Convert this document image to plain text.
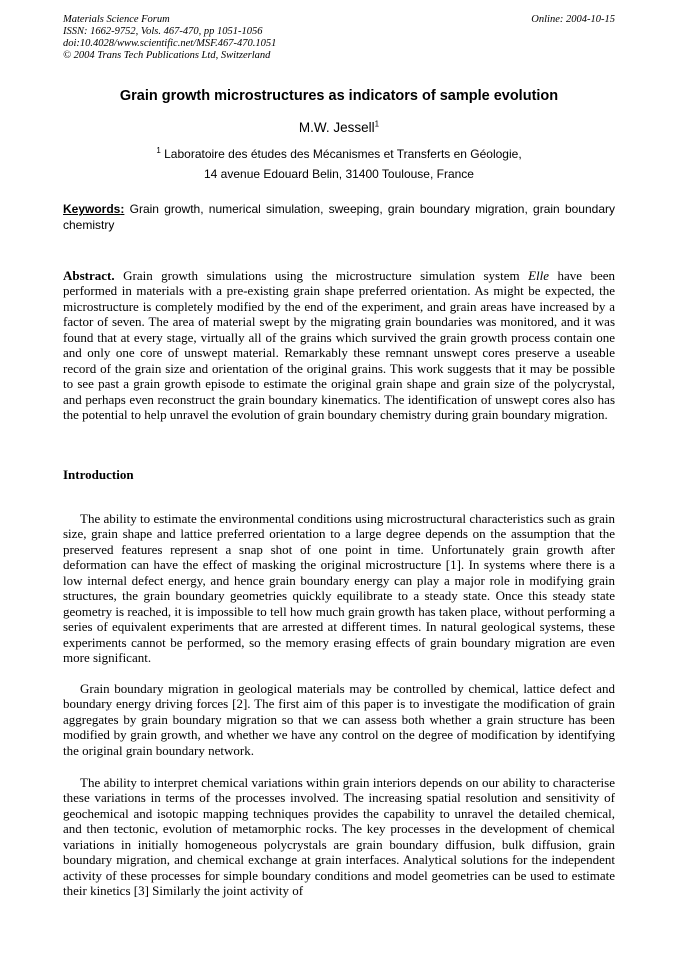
Materials Science Forum
ISSN: 1662-9752, Vols. 467-470, pp 1051-1056
doi:10.4028/www.scientific.net/MSF.467-470.1051
© 2004 Trans Tech Publications Ltd, Switzerland
Online: 2004-10-15
Grain growth microstructures as indicators of sample evolution
M.W. Jessell$^1$
$^1$ Laboratoire des études des Mécanismes et Transferts en Géologie,
14 avenue Edouard Belin, 31400 Toulouse, France
Keywords: Grain growth, numerical simulation, sweeping, grain boundary migration, grain boundary chemistry
Abstract. Grain growth simulations using the microstructure simulation system Elle have been performed in materials with a pre-existing grain shape preferred orientation. As might be expected, the microstructure is completely modified by the end of the experiment, and grain areas have increased by a factor of seven. The area of material swept by the migrating grain boundaries was monitored, and it was found that at every stage, virtually all of the grains which survived the grain growth process contain one and only one core of unswept material. Remarkably these remnant unswept cores preserve a useable record of the grain size and orientation of the original grains. This work suggests that it may be possible to see past a grain growth episode to estimate the original grain shape and grain size of the polycrystal, and perhaps even reconstruct the grain boundary kinematics. The identification of unswept cores also has the potential to help unravel the evolution of grain boundary chemistry during grain boundary migration.
Introduction

The ability to estimate the environmental conditions using microstructural characteristics such as grain size, grain shape and lattice preferred orientation to a large degree depends on the assumption that the preserved features represent a snap shot of one point in time. Unfortunately grain growth after deformation can have the effect of masking the original microstructure [1]. In systems where there is a low internal defect energy, and hence grain boundary energy can play a major role in modifying grain structures, the grain boundary geometries quickly equilibrate to a steady state. Once this steady state geometry is reached, it is impossible to tell how much grain growth has taken place, without performing a series of equivalent experiments that are arrested at different times. In natural geological systems, these experiments cannot be performed, so the memory erasing effects of grain boundary migration are even more significant.

Grain boundary migration in geological materials may be controlled by chemical, lattice defect and boundary energy driving forces [2]. The first aim of this paper is to investigate the modification of grain aggregates by grain boundary migration so that we can assess both whether a grain structure has been modified by grain growth, and whether we have any control on the degree of modification by identifying the original grain boundary network.

The ability to interpret chemical variations within grain interiors depends on our ability to characterise these variations in terms of the processes involved. The increasing spatial resolution and sensitivity of geochemical and isotopic mapping techniques provides the capability to unravel the detailed chemical, and then tectonic, evolution of metamorphic rocks. The key processes in the development of chemical variations in initially homogeneous polycrystals are grain boundary diffusion, bulk diffusion, grain boundary migration, and chemical exchange at grain interfaces. Analytical solutions for the independent activity of these processes for simple boundary conditions and model geometries can be used to estimate their kinetics [3] Similarly the joint activity of
